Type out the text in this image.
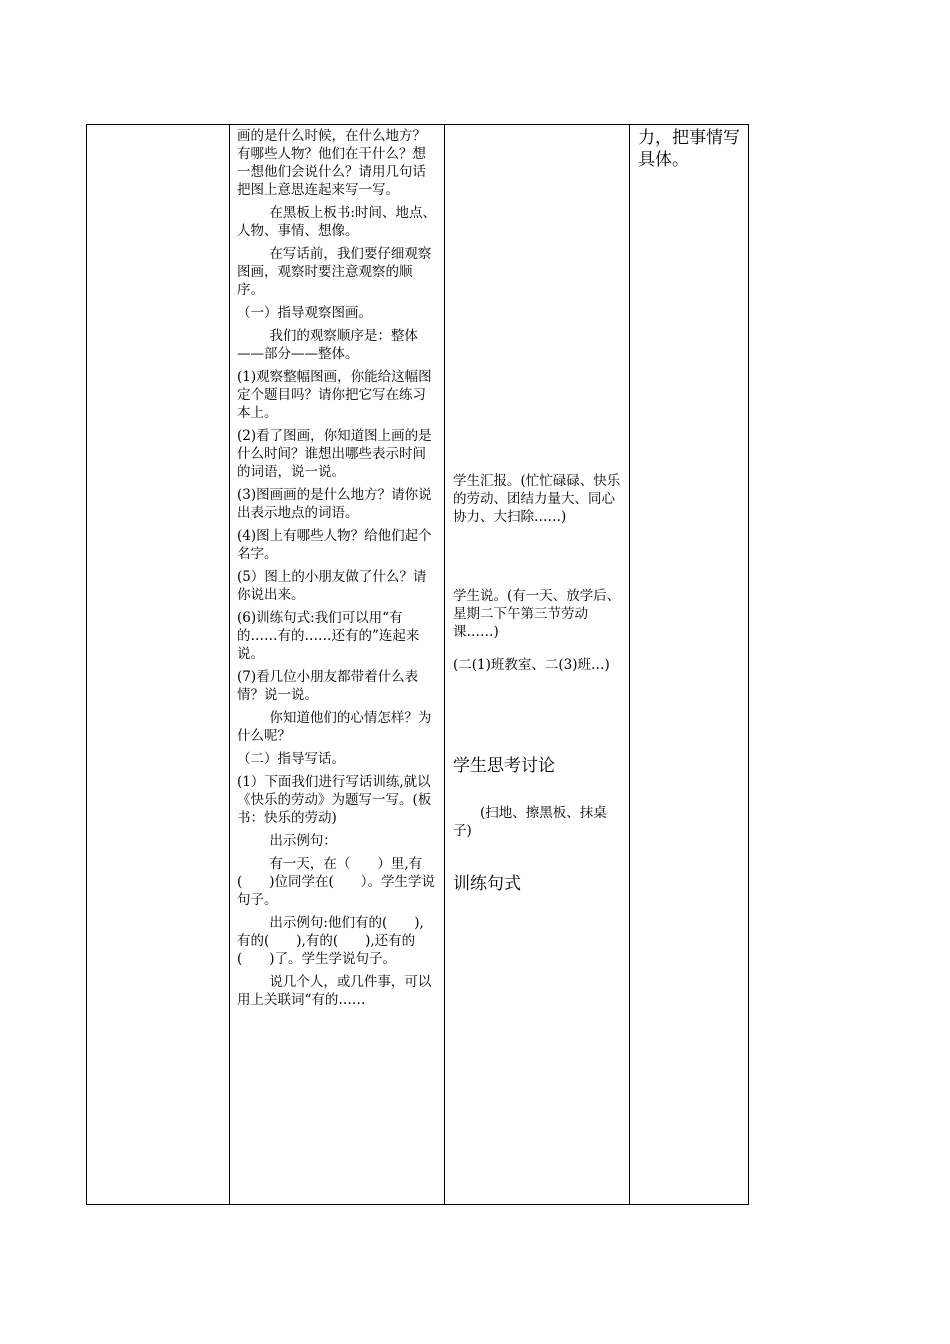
画的是什么时候，在什么地方？有哪些人物？他们在干什么？想一想他们会说什么？请用几句话把图上意思连起来写一写。

在黑板上板书:时间、地点、人物、事情、想像。

在写话前，我们要仔细观察图画，观察时要注意观察的顺序。

（一）指导观察图画。

我们的观察顺序是：整体——部分——整体。

(1)观察整幅图画，你能给这幅图定个题目吗？请你把它写在练习本上。

(2)看了图画，你知道图上画的是什么时间？谁想出哪些表示时间的词语，说一说。

(3)图画画的是什么地方？请你说出表示地点的词语。

(4)图上有哪些人物？给他们起个名字。

(5）图上的小朋友做了什么？请你说出来。

(6)训练句式:我们可以用“有的……有的……还有的”连起来说。

(7)看几位小朋友都带着什么表情？说一说。

你知道他们的心情怎样？为什么呢？

（二）指导写话。

(1）下面我们进行写话训练,就以《快乐的劳动》为题写一写。(板书：快乐的劳动)

出示例句：

有一天，在（　　）里,有(　　)位同学在(　　）。学生学说句子。

出示例句:他们有的(　　),有的(　　),有的(　　),还有的(　　)了。学生学说句子。

说几个人，或几件事，可以用上关联词“有的……

学生汇报。(忙忙碌碌、快乐的劳动、团结力量大、同心协力、大扫除……)

学生说。(有一天、放学后、星期二下午第三节劳动课……)

(二(1)班教室、二(3)班…)

学生思考讨论

　　(扫地、擦黑板、抹桌子)

训练句式

力，把事情写具体。
